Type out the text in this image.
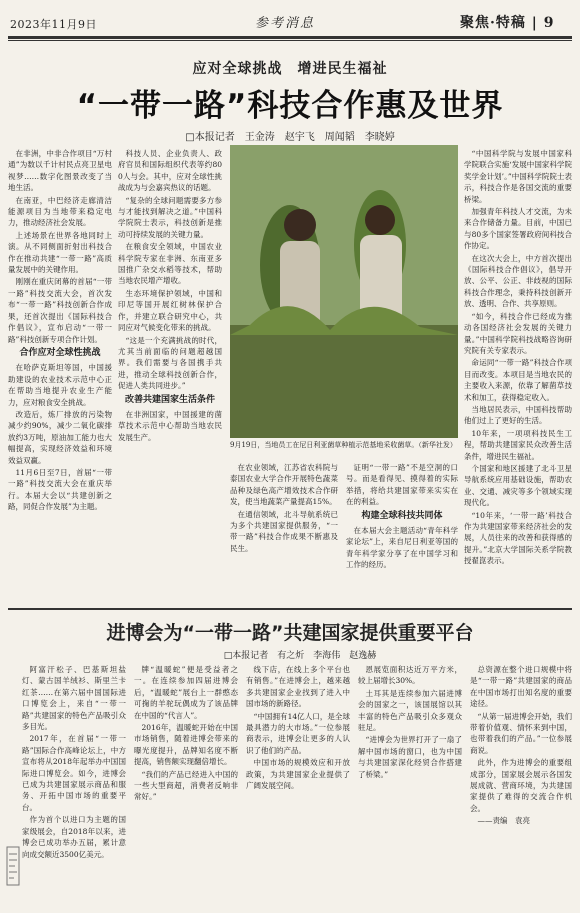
2023年11月9日	参考消息	聚焦·特稿 | 9
应对全球挑战　增进民生福祉
“一带一路”科技合作惠及世界
□本报记者　王金涛　赵宇飞　周闻韬　李晓婷

在非洲，中非合作项目“万村通”为数以千计村民点亮卫星电视梦……数字化图景改变了当地生活。

在南亚，中巴经济走廊清洁能源项目为当地带来稳定电力，推动经济社会发展。

上述场景在世界各地同时上演。从不同侧面折射出科技合作在推动共建“一带一路”高质量发展中的关键作用。

刚刚在重庆闭幕的首届“一带一路”科技交流大会，首次发布“一带一路”科技创新合作成果，还首次提出《国际科技合作倡议》，宣布启动“一带一路”科技创新专项合作计划。

合作应对全球性挑战

在哈萨克斯坦等国，中国援助建设的农业技术示范中心正在帮助当地提升农业生产能力，应对粮食安全挑战。

改造后，炼厂排放的污染物减少约90%，减少二氧化碳排放约3万吨，原油加工能力也大幅提高，实现经济效益和环境效益双赢。

11月6日至7日，首届“一带一路”科技交流大会在重庆举行。本届大会以“共建创新之路，同促合作发展”为主题。

科技人员、企业负责人、政府官员和国际组织代表等约800人与会。其中，应对全球性挑战成为与会嘉宾热议的话题。

“复杂的全球问题需要多方参与才能找到解决之道。”中国科学院院士表示，科技创新是推动可持续发展的关键力量。

在粮食安全领域，中国农业科学院专家在非洲、东南亚多国推广杂交水稻等技术，帮助当地农民增产增收。

生态环境保护领域，中国和印尼等国开展红树林保护合作，并建立联合研究中心，共同应对气候变化带来的挑战。

“这是一个充满挑战的时代，尤其当前面临的问题超越国界。我们需要与各国携手共进，推动全球科技创新合作，促进人类共同进步。”

改善共建国家生活条件

在非洲国家，中国援建的菌草技术示范中心帮助当地农民发展生产。

9月19日，当地员工在尼日利亚菌草种植示范基地采收菌草。（新华社发）

在农业领域，江苏省农科院与泰国农业大学合作开展特色蔬菜品种及绿色高产增效技术合作研发，使当地蔬菜产量提高15%。

在通信领域，北斗导航系统已为多个共建国家提供服务，“一带一路”科技合作成果不断惠及民生。

证明“一带一路”不是空洞的口号。而是看得见、摸得着的实际举措，将给共建国家带来实实在在的利益。

构建全球科技共同体

在本届大会主题活动“青年科学家论坛”上，来自尼日利亚等国的青年科学家分享了在中国学习和工作的经历。

“中国科学院与发展中国家科学院联合实施‘发展中国家科学院奖学金计划’。”中国科学院院士表示，科技合作是各国交流的重要桥梁。

加强青年科技人才交流，为未来合作储备力量。目前，中国已与80多个国家签署政府间科技合作协定。

在这次大会上，中方首次提出《国际科技合作倡议》，倡导开放、公平、公正、非歧视的国际科技合作理念，秉持科技创新开放、透明、合作、共享原则。

“如今，科技合作已经成为推动各国经济社会发展的关键力量。”中国科学院科技战略咨询研究院有关专家表示。

命运同“一带一路”科技合作项目而改变。本项目是当地农民的主要收入来源，依靠了解菌草技术和加工，获得稳定收入。

当地居民表示，中国科技帮助他们过上了更好的生活。

10年来，一项项科技民生工程，帮助共建国家民众改善生活条件，增进民生福祉。

个国家和地区援建了北斗卫星导航系统应用基础设施，帮助农业、交通、减灾等多个领域实现现代化。

“10年来，‘一带一路’科技合作为共建国家带来经济社会的发展，人员往来的改善和获得感的提升。”北京大学国际关系学院教授翟崑表示。

进博会为“一带一路”共建国家提供重要平台
□本报记者　有之炘　李海伟　赵逸赫

阿富汗松子、巴基斯坦盐灯、蒙古国羊绒衫、斯里兰卡红茶……在第六届中国国际进口博览会上，来自“一带一路”共建国家的特色产品吸引众多目光。

2017年，在首届“一带一路”国际合作高峰论坛上，中方宣布将从2018年起举办中国国际进口博览会。如今，进博会已成为共建国家展示商品和服务、开拓中国市场的重要平台。

作为首个以进口为主题的国家级展会，自2018年以来，进博会已成功举办五届，累计意向成交额近3500亿美元。

牌“温暖蛇”便是受益者之一。在连续参加四届进博会后，“温暖蛇”展台上一群憨态可掬的羊驼玩偶成为了该品牌在中国的“代言人”。

2016年，温暖蛇开始在中国市场销售，随着进博会带来的曝光度提升，品牌知名度不断提高，销售额实现翻倍增长。

“我们的产品已经进入中国的一些大型商超，消费者反响非常好。”

线下店，在线上多个平台也有销售。”在进博会上，越来越多共建国家企业找到了进入中国市场的新路径。

“中国拥有14亿人口，是全球最具潜力的大市场。”一位参展商表示，进博会让更多的人认识了他们的产品。

中国市场的规模效应和开放政策，为共建国家企业提供了广阔发展空间。

恩展览面积达近万平方米，较上届增长30%。

土耳其是连续参加六届进博会的国家之一，该国展馆以其丰富的特色产品吸引众多观众驻足。

“进博会为世界打开了一扇了解中国市场的窗口，也为中国与共建国家深化经贸合作搭建了桥梁。”

总资源在整个进口规模中将是“一带一路”共建国家的商品在中国市场打出知名度的重要途径。

“从第一届进博会开始，我们带着价值观、情怀来到中国，也带着我们的产品。”一位参展商说。

此外，作为进博会的重要组成部分，国家展会展示各国发展成就、营商环境，为共建国家提供了难得的交流合作机会。

——责编　袁亮
